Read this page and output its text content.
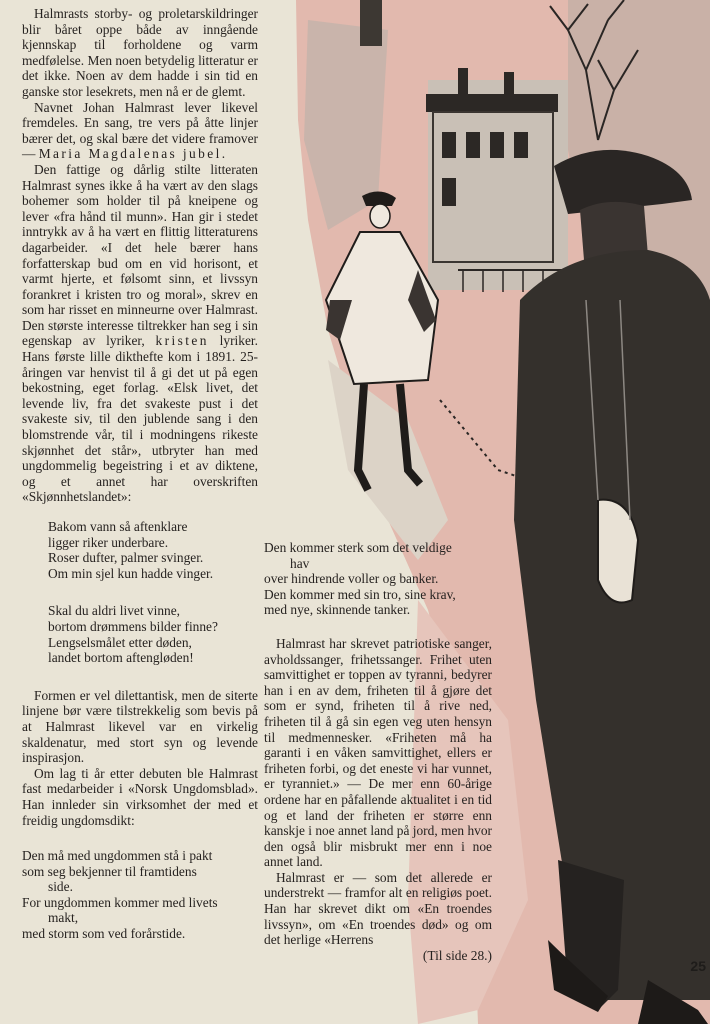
Halmrasts storby- og proletarskildringer blir båret oppe både av inngående kjennskap til forholdene og varm medfølelse. Men noen betydelig litteratur er det ikke. Noen av dem hadde i sin tid en ganske stor lesekrets, men nå er de glemt.

Navnet Johan Halmrast lever likevel fremdeles. En sang, tre vers på åtte linjer bærer det, og skal bære det videre framover — Maria Magdalenas jubel.

Den fattige og dårlig stilte litteraten Halmrast synes ikke å ha vært av den slags bohemer som holder til på kneipene og lever «fra hånd til munn». Han gir i stedet inntrykk av å ha vært en flittig litteraturens dagarbeider. «I det hele bærer hans forfatterskap bud om en vid horisont, et varmt hjerte, et følsomt sinn, et livssyn forankret i kristen tro og moral», skrev en som har risset en minneurne over Halmrast. Den største interesse tiltrekker han seg i sin egenskap av lyriker, kristen lyriker. Hans første lille dikthefte kom i 1891. 25-åringen var henvist til å gi det ut på egen bekostning, eget forlag. «Elsk livet, det levende liv, fra det svakeste pust i det svakeste siv, til den jublende sang i den blomstrende vår, til i modningens rikeste skjønnhet det står», utbryter han med ungdommelig begeistring i et av diktene, og et annet har overskriften «Skjønnhetslandet»:

Bakom vann så aftenklare
ligger riker underbare.
Roser dufter, palmer svinger.
Om min sjel kun hadde vinger.
Skal du aldri livet vinne,
bortom drømmens bilder finne?
Lengselsmålet etter døden,
landet bortom aftengløden!

Formen er vel dilettantisk, men de siterte linjene bør være tilstrekkelig som bevis på at Halmrast likevel var en virkelig skaldenatur, med stort syn og levende inspirasjon.

Om lag ti år etter debuten ble Halmrast fast medarbeider i «Norsk Ungdomsblad». Han innleder sin virksomhet der med et freidig ungdomsdikt:

Den må med ungdommen stå i pakt
som seg bekjenner til framtidens
side.
For ungdommen kommer med livets
makt,
med storm som ved forårstide.
Den kommer sterk som det veldige
hav
over hindrende voller og banker.
Den kommer med sin tro, sine krav,
med nye, skinnende tanker.

Halmrast har skrevet patriotiske sanger, avholdssanger, frihetssanger. Frihet uten samvittighet er toppen av tyranni, bedyrer han i en av dem, friheten til å gjøre det som er synd, friheten til å rive ned, friheten til å gå sin egen veg uten hensyn til medmennesker. «Friheten må ha garanti i en våken samvittighet, ellers er friheten forbi, og det eneste vi har vunnet, er tyranniet.» — De mer enn 60-årige ordene har en påfallende aktualitet i en tid og et land der friheten er større enn kanskje i noe annet land på jord, men hvor den også blir misbrukt mer enn i noe annet land.

Halmrast er — som det allerede er understrekt — framfor alt en religiøs poet. Han har skrevet dikt om «En troendes livssyn», om «En troendes død» og om det herlige «Herrens

(Til side 28.)
25
